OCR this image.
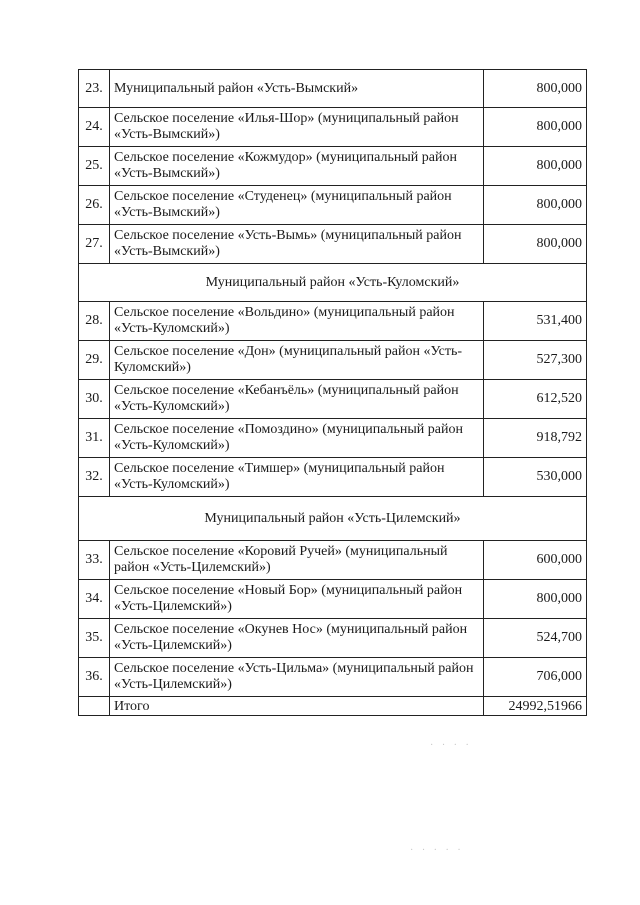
23.	Муниципальный район «Усть-Вымский»	800,000
24.	Сельское поселение «Илья-Шор» (муниципальный район «Усть-Вымский»)	800,000
25.	Сельское поселение «Кожмудор» (муниципальный район «Усть-Вымский»)	800,000
26.	Сельское поселение «Студенец» (муниципальный район «Усть-Вымский»)	800,000
27.	Сельское поселение «Усть-Вымь» (муниципальный район «Усть-Вымский»)	800,000
Муниципальный район «Усть-Куломский»		
28.	Сельское поселение «Вольдино» (муниципальный район «Усть-Куломский»)	531,400
29.	Сельское поселение «Дон» (муниципальный район «Усть-Куломский»)	527,300
30.	Сельское поселение «Кебанъёль» (муниципальный район «Усть-Куломский»)	612,520
31.	Сельское поселение «Помоздино» (муниципальный район «Усть-Куломский»)	918,792
32.	Сельское поселение «Тимшер» (муниципальный район «Усть-Куломский»)	530,000
Муниципальный район «Усть-Цилемский»		
33.	Сельское поселение «Коровий Ручей» (муниципальный район «Усть-Цилемский»)	600,000
34.	Сельское поселение «Новый Бор» (муниципальный район «Усть-Цилемский»)	800,000
35.	Сельское поселение «Окунев Нос» (муниципальный район «Усть-Цилемский»)	524,700
36.	Сельское поселение «Усть-Цильма» (муниципальный район «Усть-Цилемский»)	706,000
	Итого	24992,51966
· · · ·
· · · · ·
